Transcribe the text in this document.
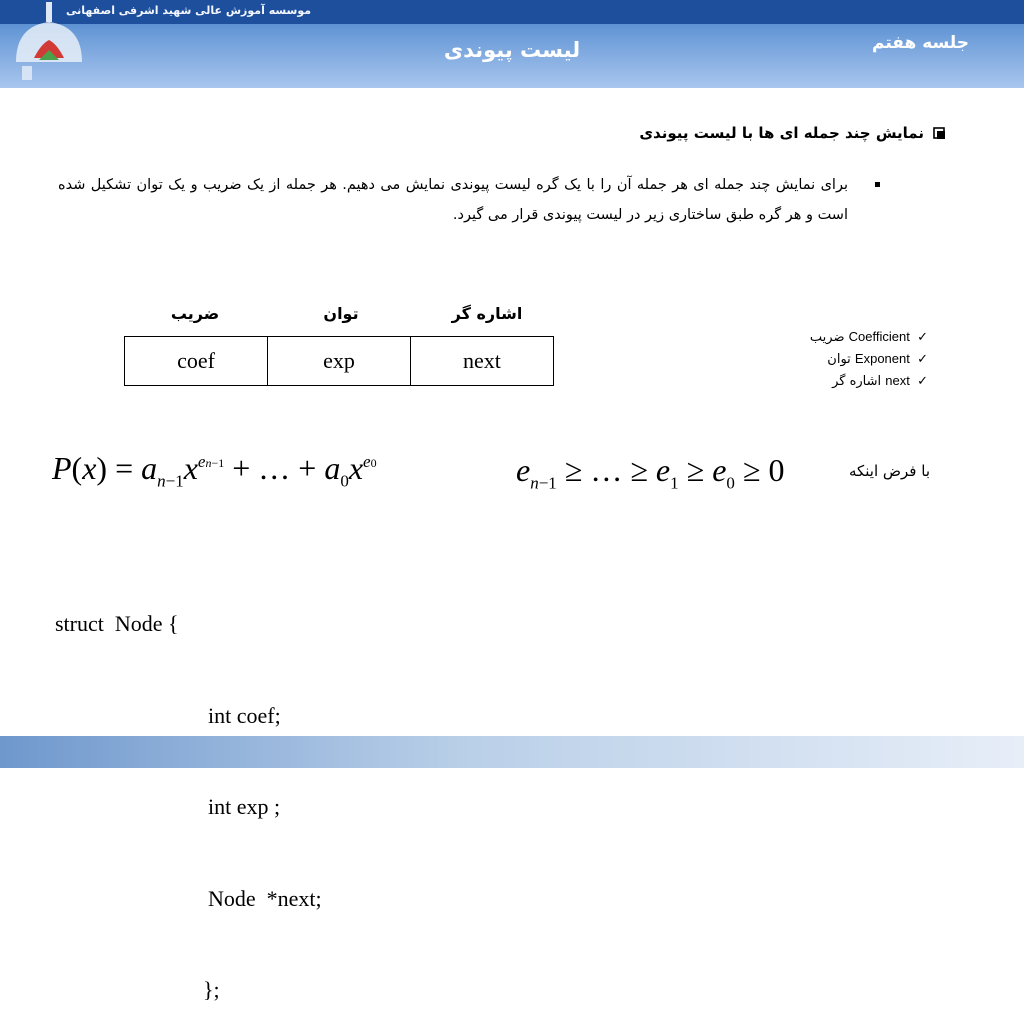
موسسه آموزش عالی شهید اشرفی اصفهانی
جلسه هفتم
لیست پیوندی
نمایش چند جمله ای ها با لیست پیوندی
برای نمایش چند جمله ای هر جمله آن را با یک گره لیست پیوندی نمایش می دهیم. هر جمله از یک ضریب و یک توان تشکیل شده است و هر گره طبق ساختاری زیر در لیست پیوندی قرار می گیرد.
ضریب	توان	اشاره گر
coef	exp	next
✓ Coefficient ضریب
✓ Exponent توان
✓ next اشاره گر
$P(x) = a_{n-1}x^{en-1}$ + … + $a_0x^{e0}$	$e_{n-1}$ ≥ … ≥ $e_1 \ge e_0 \ge 0$	با فرض اینکه

struct  Node {

int coef;

int exp ;

Node  *next;

};
